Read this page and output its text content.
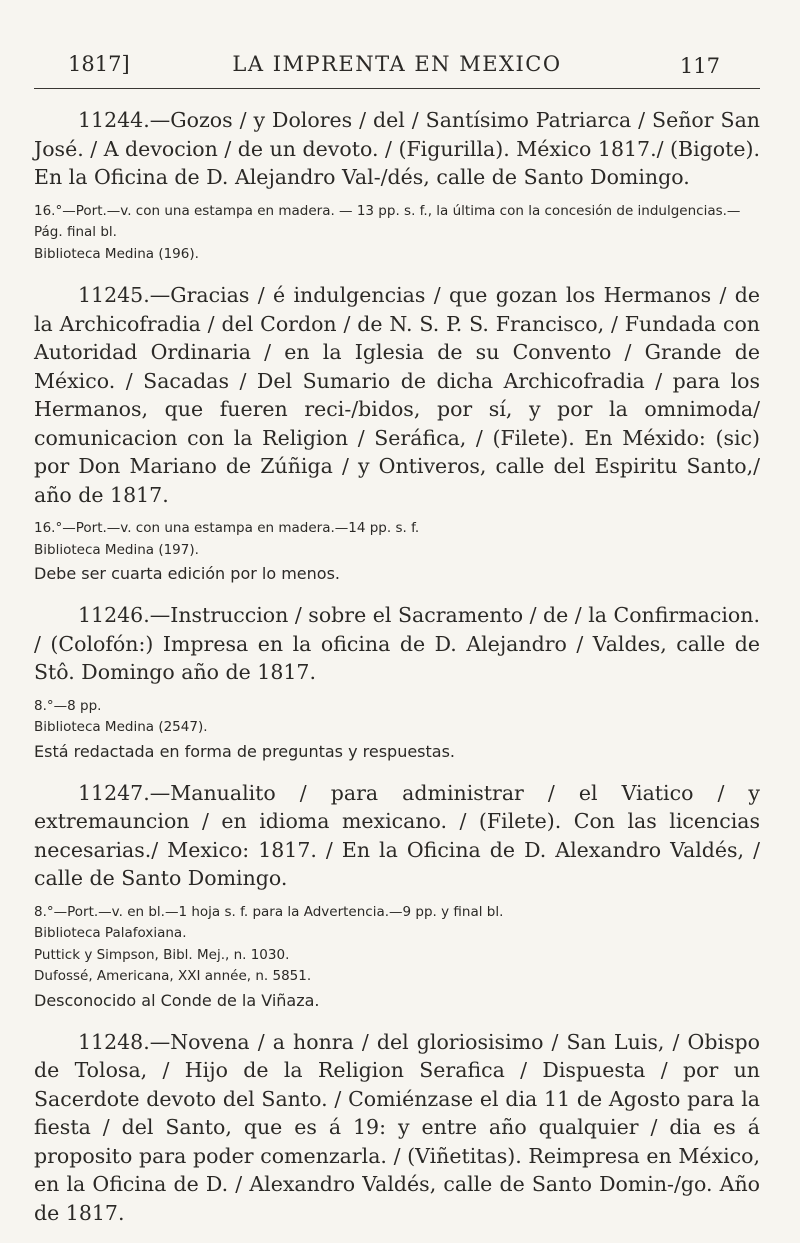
1817]	LA IMPRENTA EN MEXICO	117

11244.—Gozos / y Dolores / del / Santísimo Patriarca / Señor San José. / A devocion / de un devoto. / (Figurilla). México 1817./ (Bigote). En la Oficina de D. Alejandro Val-/dés, calle de Santo Domingo.

16.°—Port.—v. con una estampa en madera. — 13 pp. s. f., la última con la concesión de indulgencias.—Pág. final bl.

Biblioteca Medina (196).

11245.—Gracias / é indulgencias / que gozan los Hermanos / de la Archicofradia / del Cordon / de N. S. P. S. Francisco, / Fundada con Autoridad Ordinaria / en la Iglesia de su Convento / Grande de México. / Sacadas / Del Sumario de dicha Archicofradia / para los Hermanos, que fueren reci-/bidos, por sí, y por la omnimoda/ comunicacion con la Religion / Seráfica, / (Filete). En Méxido: (sic) por Don Mariano de Zúñiga / y Ontiveros, calle del Espiritu Santo,/ año de 1817.

16.°—Port.—v. con una estampa en madera.—14 pp. s. f.

Biblioteca Medina (197).

Debe ser cuarta edición por lo menos.

11246.—Instruccion / sobre el Sacramento / de / la Confirmacion. / (Colofón:) Impresa en la oficina de D. Alejandro / Valdes, calle de Stô. Domingo año de 1817.

8.°—8 pp.

Biblioteca Medina (2547).

Está redactada en forma de preguntas y respuestas.

11247.—Manualito / para administrar / el Viatico / y extremauncion / en idioma mexicano. / (Filete). Con las licencias necesarias./ Mexico: 1817. / En la Oficina de D. Alexandro Valdés, / calle de Santo Domingo.

8.°—Port.—v. en bl.—1 hoja s. f. para la Advertencia.—9 pp. y final bl.

Biblioteca Palafoxiana.

Puttick y Simpson, Bibl. Mej., n. 1030.

Dufossé, Americana, XXI année, n. 5851.

Desconocido al Conde de la Viñaza.

11248.—Novena / a honra / del gloriosisimo / San Luis, / Obispo de Tolosa, / Hijo de la Religion Serafica / Dispuesta / por un Sacerdote devoto del Santo. / Comiénzase el dia 11 de Agosto para la fiesta / del Santo, que es á 19: y entre año qualquier / dia es á proposito para poder comenzarla. / (Viñetitas). Reimpresa en México, en la Oficina de D. / Alexandro Valdés, calle de Santo Domin-/go. Año de 1817.
